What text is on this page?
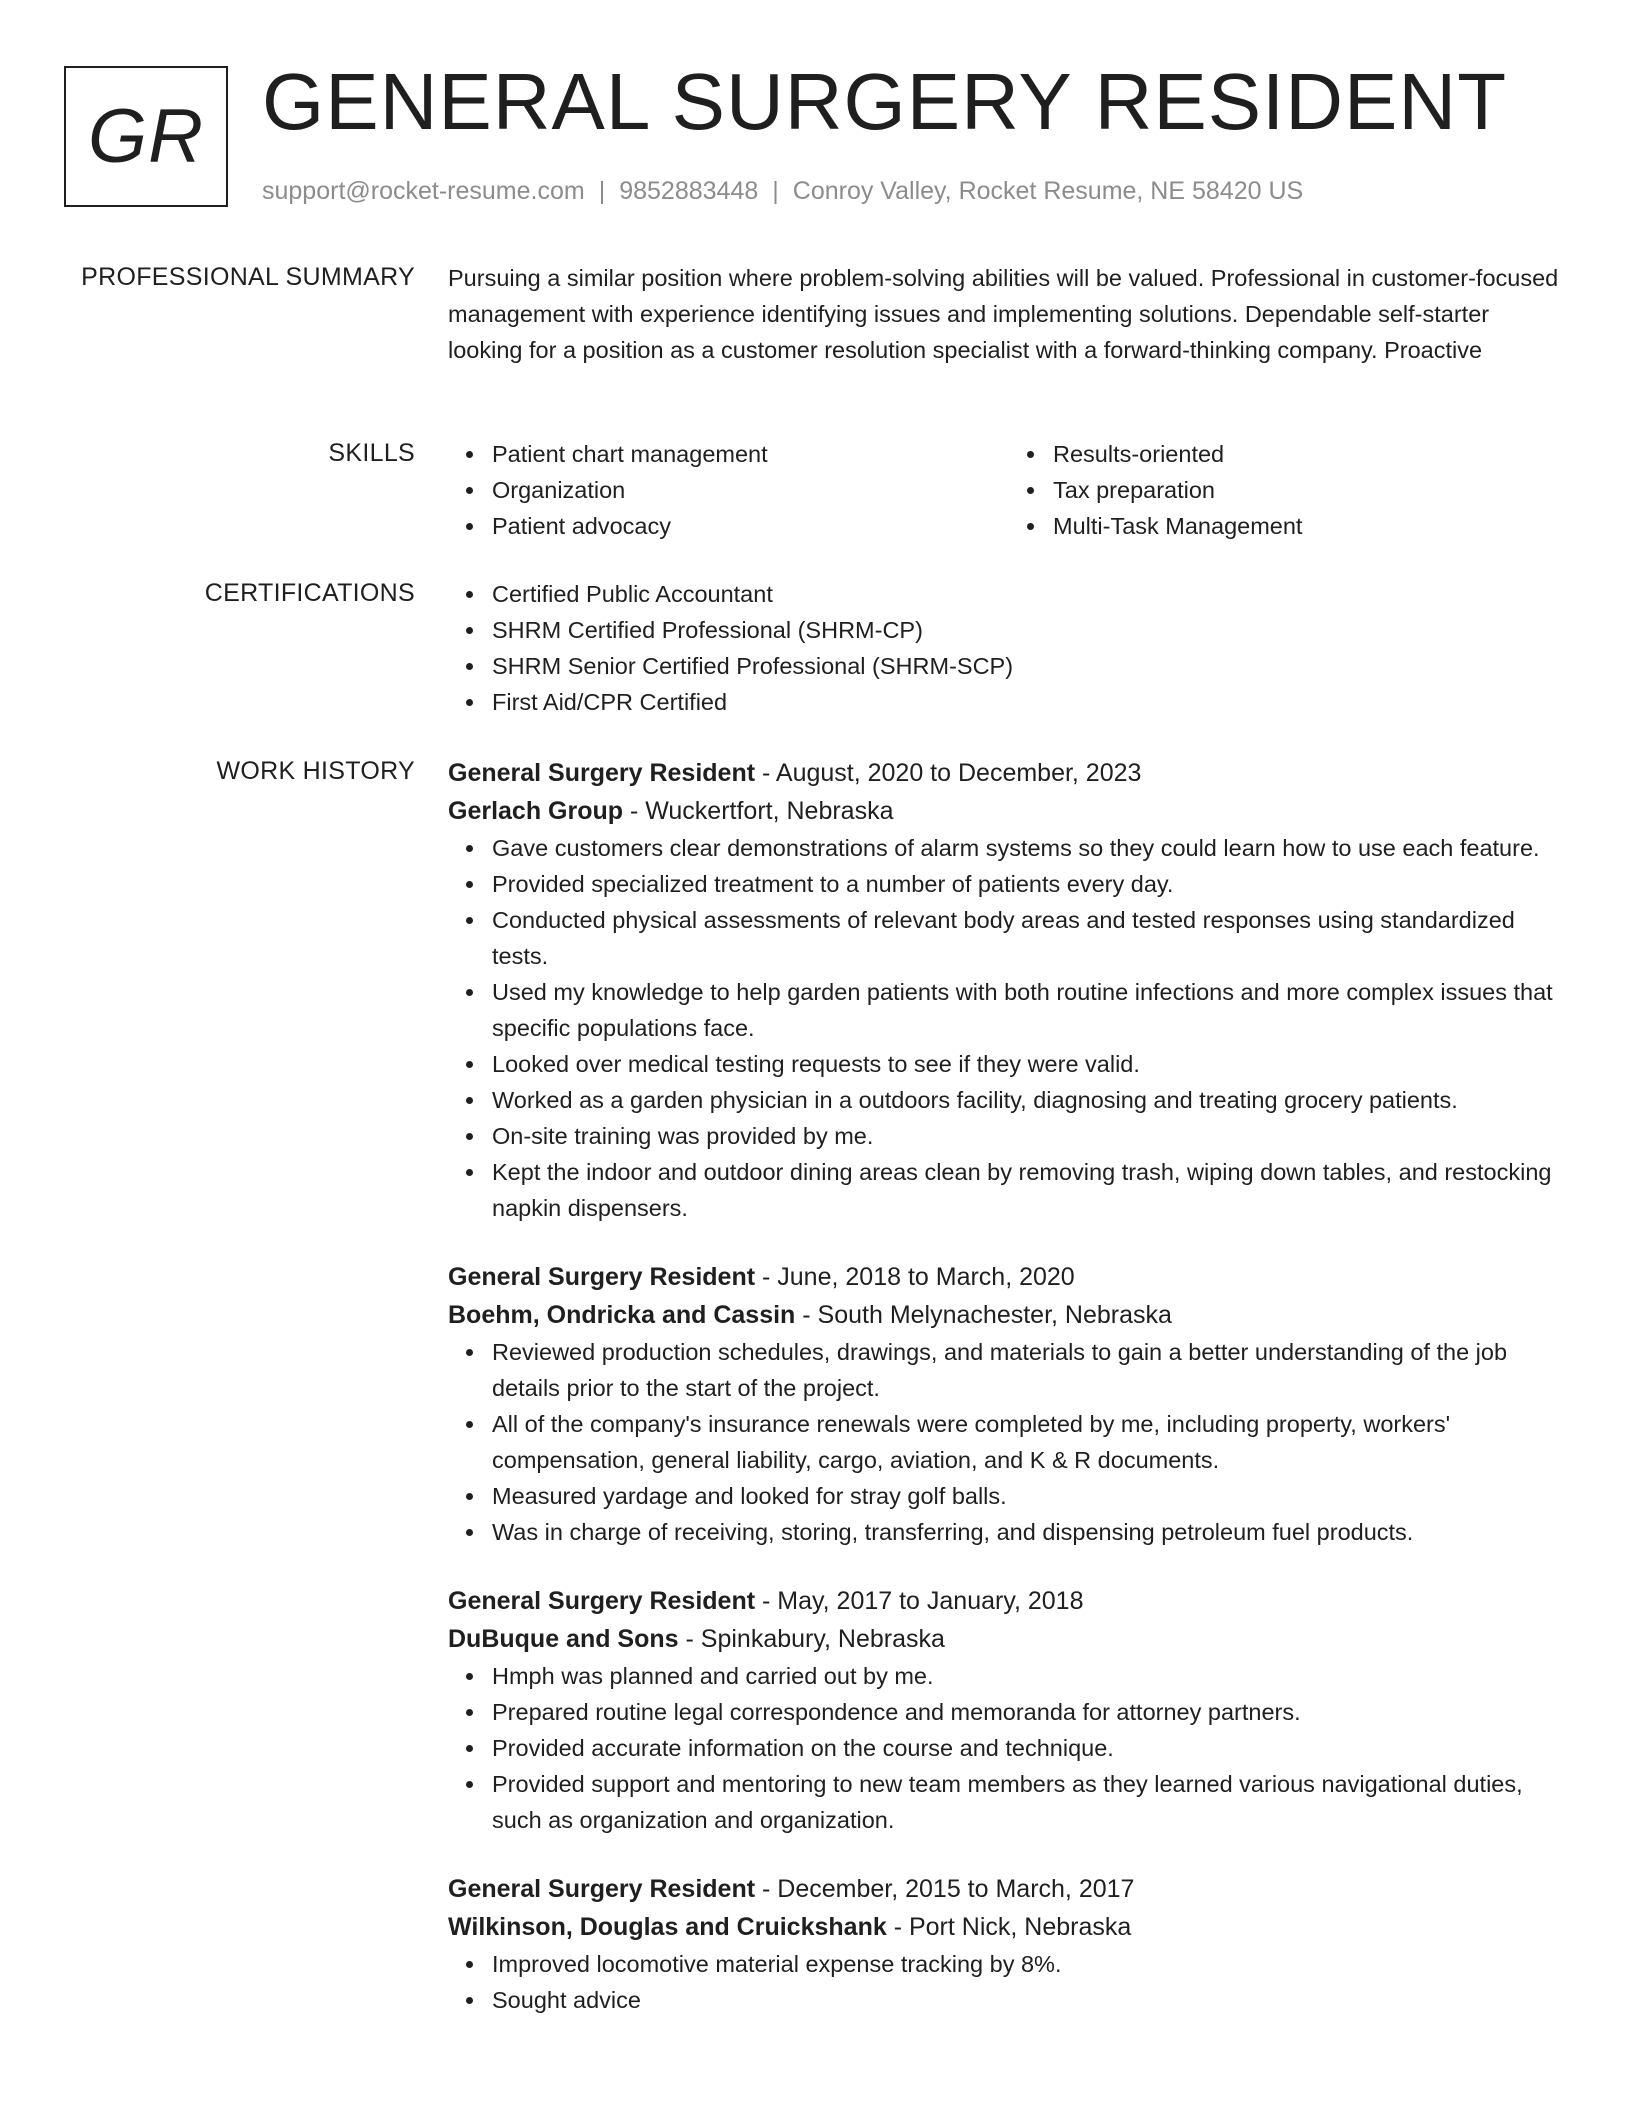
GR GENERAL SURGERY RESIDENT
support@rocket-resume.com | 9852883448 | Conroy Valley, Rocket Resume, NE 58420 US
PROFESSIONAL SUMMARY Pursuing a similar position where problem-solving abilities will be valued. Professional in customer-focused management with experience identifying issues and implementing solutions. Dependable self-starter looking for a position as a customer resolution specialist with a forward-thinking company. Proactive

SKILLS	Patient chart management
Organization
Patient advocacy
Results-oriented
Tax preparation
Multi-Task Management
CERTIFICATIONS	Certified Public Accountant
SHRM Certified Professional (SHRM-CP)
SHRM Senior Certified Professional (SHRM-SCP)
First Aid/CPR Certified
WORK HISTORY General Surgery Resident - August, 2020 to December, 2023
Gerlach Group - Wuckertfort, Nebraska
Gave customers clear demonstrations of alarm systems so they could learn how to use each feature.
Provided specialized treatment to a number of patients every day.
Conducted physical assessments of relevant body areas and tested responses using standardized tests.
Used my knowledge to help garden patients with both routine infections and more complex issues that specific populations face.
Looked over medical testing requests to see if they were valid.
Worked as a garden physician in a outdoors facility, diagnosing and treating grocery patients.
On-site training was provided by me.
Kept the indoor and outdoor dining areas clean by removing trash, wiping down tables, and restocking napkin dispensers.
General Surgery Resident - June, 2018 to March, 2020
Boehm, Ondricka and Cassin - South Melynachester, Nebraska
Reviewed production schedules, drawings, and materials to gain a better understanding of the job details prior to the start of the project.
All of the company's insurance renewals were completed by me, including property, workers' compensation, general liability, cargo, aviation, and K & R documents.
Measured yardage and looked for stray golf balls.
Was in charge of receiving, storing, transferring, and dispensing petroleum fuel products.
General Surgery Resident - May, 2017 to January, 2018
DuBuque and Sons - Spinkabury, Nebraska
Hmph was planned and carried out by me.
Prepared routine legal correspondence and memoranda for attorney partners.
Provided accurate information on the course and technique.
Provided support and mentoring to new team members as they learned various navigational duties, such as organization and organization.
General Surgery Resident - December, 2015 to March, 2017
Wilkinson, Douglas and Cruickshank - Port Nick, Nebraska
Improved locomotive material expense tracking by 8%.
Sought advice
